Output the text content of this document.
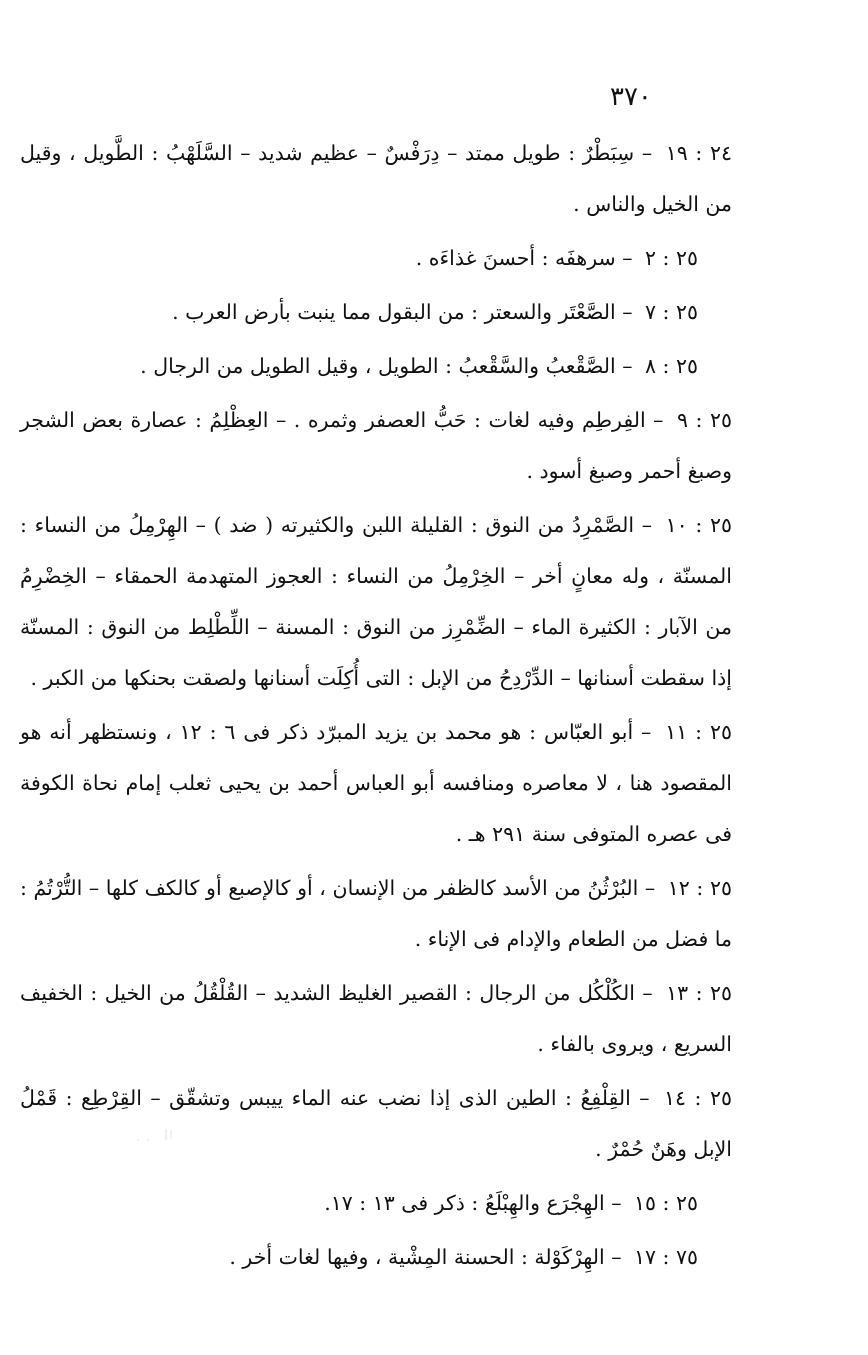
٣٧٠

٢٤ : ١٩ – سِبَطْرٌ : طويل ممتد – دِرَفْسٌ – عظيم شديد – السَّلَهْبُ : الطَّويل ، وقيل من الخيل والناس .

٢٥ : ٢ – سرهفَه : أحسنَ غذاءَه .

٢٥ : ٧ – الصَّعْتَر والسعتر : من البقول مما ينبت بأرض العرب .

٢٥ : ٨ – الصَّقْعبُ والسَّقْعبُ : الطويل ، وقيل الطويل من الرجال .

٢٥ : ٩ – الفِرطِم وفيه لغات : حَبُّ العصفر وثمره . – العِظْلِمُ : عصارة بعض الشجر وصبغ أحمر وصبغ أسود .

٢٥ : ١٠ – الصَّمْرِدُ من النوق : القليلة اللبن والكثيرته ( ضد ) – الهِرْمِلُ من النساء : المسنّة ، وله معانٍ أخر – الخِرْمِلُ من النساء : العجوز المتهدمة الحمقاء – الخِضْرِمُ من الآبار : الكثيرة الماء – الضِّمْرِز من النوق : المسنة – اللِّطْلِط من النوق : المسنّة إذا سقطت أسنانها – الدِّرْدِحُ من الإبل : التى أُكِلَت أسنانها ولصقت بحنكها من الكبر .

٢٥ : ١١ – أبو العبّاس : هو محمد بن يزيد المبرّد ذكر فى ٦ : ١٢ ، ونستظهر أنه هو المقصود هنا ، لا معاصره ومنافسه أبو العباس أحمد بن يحيى ثعلب إمام نحاة الكوفة فى عصره المتوفى سنة ٢٩١ هـ .

٢٥ : ١٢ – البُرْثُنُ من الأسد كالظفر من الإنسان ، أو كالإصبع أو كالكف كلها – التُّرْتُمُ : ما فضل من الطعام والإدام فى الإناء .

٢٥ : ١٣ – الكُلْكُل من الرجال : القصير الغليظ الشديد – القُلْقُلُ من الخيل : الخفيف السريع ، ويروى بالفاء .

٢٥ : ١٤ – القِلْفِعُ : الطين الذى إذا نضب عنه الماء ييبس وتشقّق – القِرْطِع : قَمْلُ الإبل وهَنٌ حُمْرٌ .

٢٥ : ١٥ – الهِجْرَع والهِبْلَعُ : ذكر فى ١٣ : ١٧.

٧٥ : ١٧ – الهِرْكَوْلة : الحسنة المِشْية ، وفيها لغات أخر .
